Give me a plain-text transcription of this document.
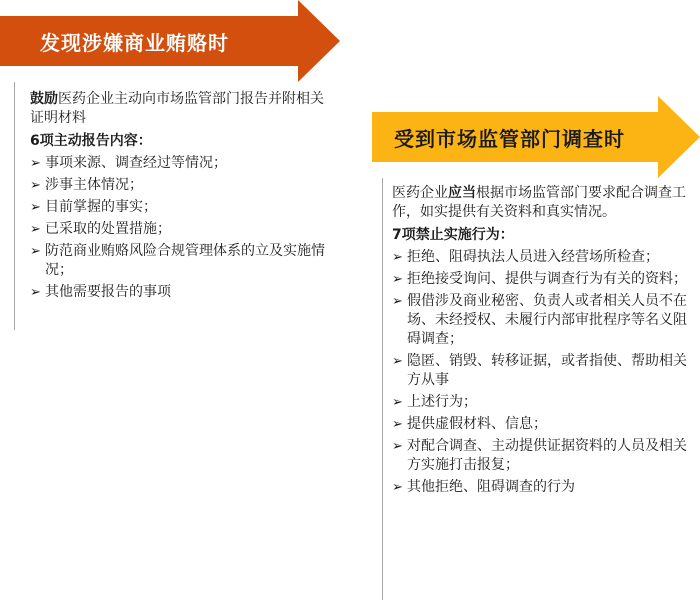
发现涉嫌商业贿赂时

鼓励医药企业主动向市场监管部门报告并附相关证明材料

6项主动报告内容：
➢ 事项来源、调查经过等情况；
➢ 涉事主体情况；
➢ 目前掌握的事实；
➢ 已采取的处置措施；
➢ 防范商业贿赂风险合规管理体系的立及实施情况；
➢ 其他需要报告的事项
受到市场监管部门调查时

医药企业应当根据市场监管部门要求配合调查工作，如实提供有关资料和真实情况。

7项禁止实施行为：
➢ 拒绝、阻碍执法人员进入经营场所检查；
➢ 拒绝接受询问、提供与调查行为有关的资料；
➢ 假借涉及商业秘密、负责人或者相关人员不在场、未经授权、未履行内部审批程序等名义阻碍调查；
➢ 隐匿、销毁、转移证据，或者指使、帮助相关方从事
➢ 上述行为；
➢ 提供虚假材料、信息；
➢ 对配合调查、主动提供证据资料的人员及相关方实施打击报复；
➢ 其他拒绝、阻碍调查的行为
